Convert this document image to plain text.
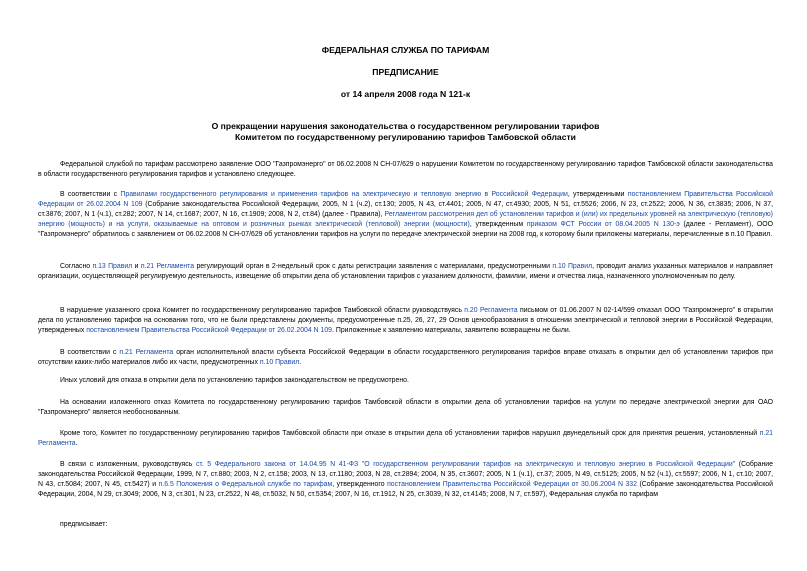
ФЕДЕРАЛЬНАЯ СЛУЖБА ПО ТАРИФАМ
ПРЕДПИСАНИЕ
от 14 апреля 2008 года N 121-к
О прекращении нарушения законодательства о государственном регулировании тарифов
Комитетом по государственному регулированию тарифов Тамбовской области

Федеральной службой по тарифам рассмотрено заявление ООО "Газпромэнерго" от 06.02.2008 N СН-07/629 о нарушении Комитетом по государственному регулированию тарифов Тамбовской области законодательства в области государственного регулирования тарифов и установлено следующее.

В соответствии с Правилами государственного регулирования и применения тарифов на электрическую и тепловую энергию в Российской Федерации, утвержденными постановлением Правительства Российской Федерации от 26.02.2004 N 109 (Собрание законодательства Российской Федерации, 2005, N 1 (ч.2), ст.130; 2005, N 43, ст.4401; 2005, N 47, ст.4930; 2005, N 51, ст.5526; 2006, N 23, ст.2522; 2006, N 36, ст.3835; 2006, N 37, ст.3876; 2007, N 1 (ч.1), ст.282; 2007, N 14, ст.1687; 2007, N 16, ст.1909; 2008, N 2, ст.84) (далее - Правила), Регламентом рассмотрения дел об установлении тарифов и (или) их предельных уровней на электрическую (тепловую) энергию (мощность) и на услуги, оказываемые на оптовом и розничных рынках электрической (тепловой) энергии (мощности), утвержденным приказом ФСТ России от 08.04.2005 N 130-э (далее - Регламент), ООО "Газпромэнерго" обратилось с заявлением от 06.02.2008 N СН-07/629 об установлении тарифов на услуги по передаче электрической энергии на 2008 год, к которому были приложены материалы, перечисленные в п.10 Правил.

Согласно п.13 Правил и п.21 Регламента регулирующий орган в 2-недельный срок с даты регистрации заявления с материалами, предусмотренными п.10 Правил, проводит анализ указанных материалов и направляет организации, осуществляющей регулируемую деятельность, извещение об открытии дела об установлении тарифов с указанием должности, фамилии, имени и отчества лица, назначенного уполномоченным по делу.

В нарушение указанного срока Комитет по государственному регулированию тарифов Тамбовской области руководствуясь п.20 Регламента письмом от 01.06.2007 N 02-14/599 отказал ООО "Газпромэнерго" в открытии дела по установлению тарифов на основании того, что не были представлены документы, предусмотренные п.25, 26, 27, 29 Основ ценообразования в отношении электрической и тепловой энергии в Российской Федерации, утвержденных постановлением Правительства Российской Федерации от 26.02.2004 N 109. Приложенные к заявлению материалы, заявителю возвращены не были.

В соответствии с п.21 Регламента орган исполнительной власти субъекта Российской Федерации в области государственного регулирования тарифов вправе отказать в открытии дел об установлении тарифов при отсутствии каких-либо материалов либо их части, предусмотренных п.10 Правил.

Иных условий для отказа в открытии дела по установлению тарифов законодательством не предусмотрено.

На основании изложенного отказ Комитета по государственному регулированию тарифов Тамбовской области в открытии дела об установлении тарифов на услуги по передаче электрической энергии для ОАО "Газпромэнерго" является необоснованным.

Кроме того, Комитет по государственному регулированию тарифов Тамбовской области при отказе в открытии дела об установлении тарифов нарушил двунедельный срок для принятия решения, установленный п.21 Регламента.

В связи с изложенным, руководствуясь ст. 5 Федерального закона от 14.04.95 N 41-ФЗ "О государственном регулировании тарифов на электрическую и тепловую энергию в Российской Федерации" (Собрание законодательства Российской Федерации, 1999, N 7, ст.880; 2003, N 2, ст.158; 2003, N 13, ст.1180; 2003, N 28, ст.2894; 2004, N 35, ст.3607; 2005, N 1 (ч.1), ст.37; 2005, N 49, ст.5125; 2005, N 52 (ч.1), ст.5597; 2006, N 1, ст.10; 2007, N 43, ст.5084; 2007, N 45, ст.5427) и п.6.5 Положения о Федеральной службе по тарифам, утвержденного постановлением Правительства Российской Федерации от 30.06.2004 N 332 (Собрание законодательства Российской Федерации, 2004, N 29, ст.3049; 2006, N 3, ст.301, N 23, ст.2522, N 48, ст.5032, N 50, ст.5354; 2007, N 16, ст.1912, N 25, ст.3039, N 32, ст.4145; 2008, N 7, ст.597), Федеральная служба по тарифам

предписывает:
